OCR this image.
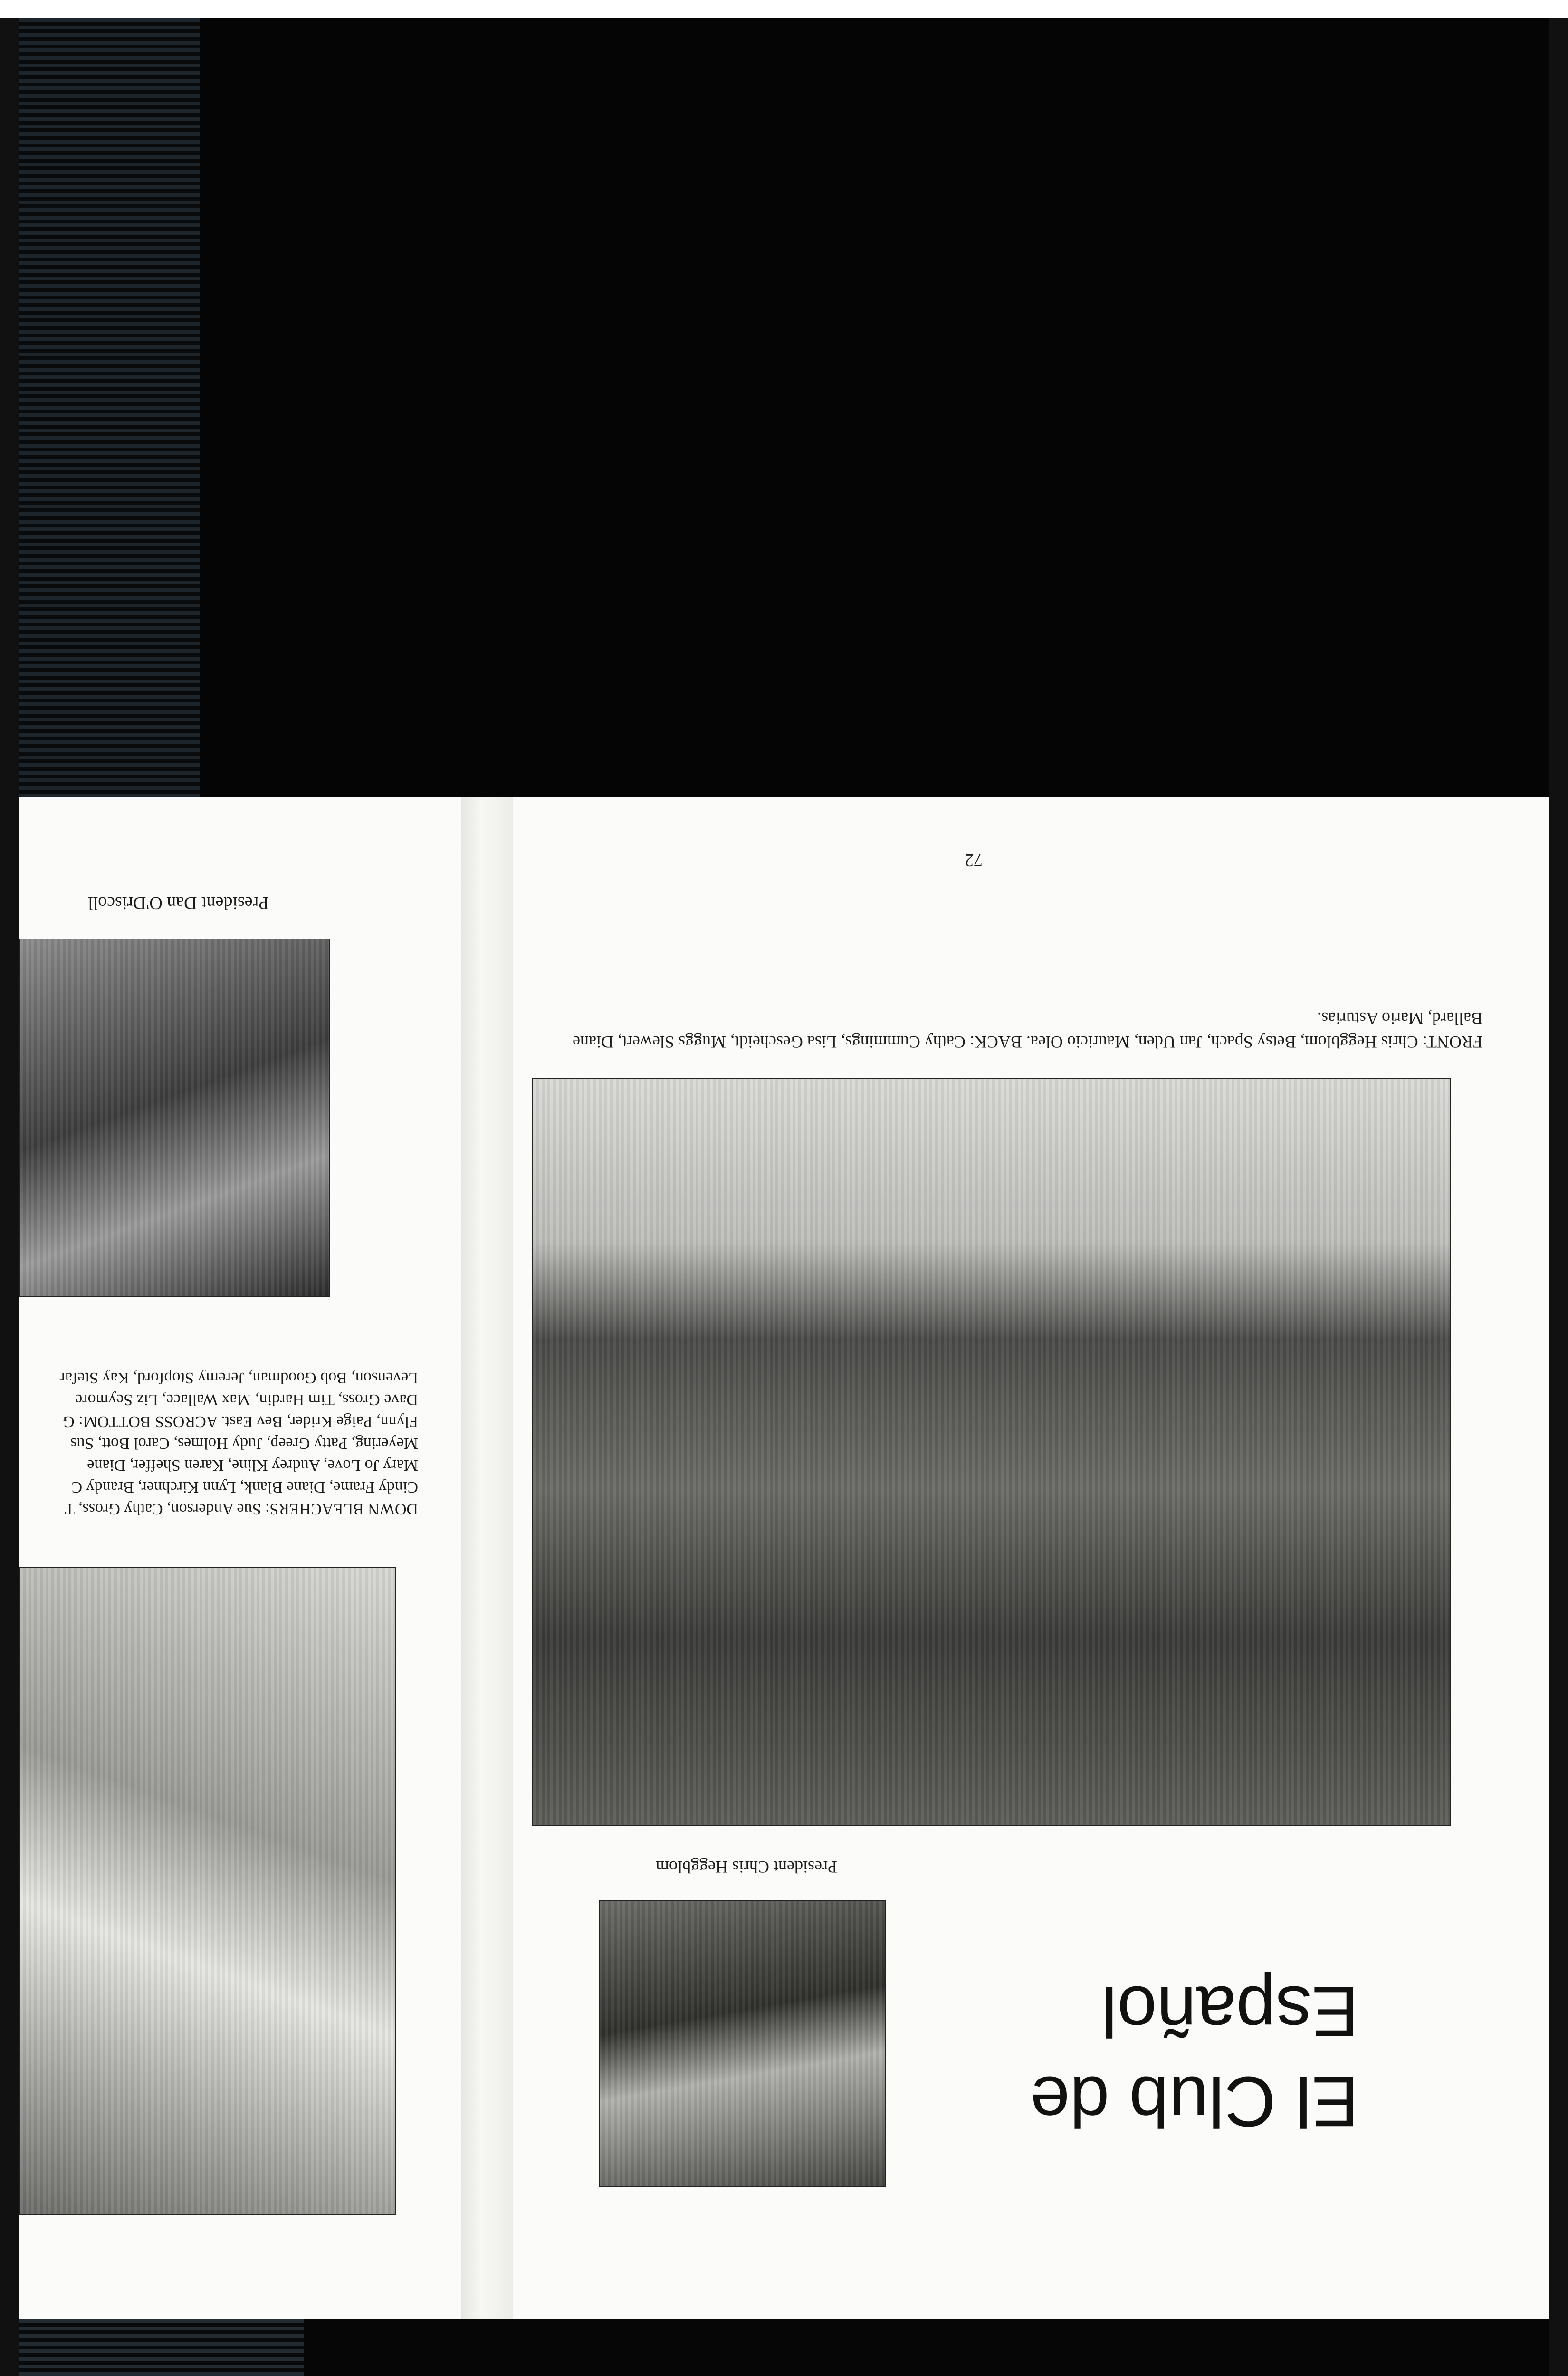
President Dan O'Driscoll
DOWN BLEACHERS: Sue Anderson, Cathy Gross, T
Cindy Frame, Diane Blank, Lynn Kirchner, Brandy C
Mary Jo Love, Audrey Kline, Karen Sheffer, Diane
Meyering, Patty Greep, Judy Holmes, Carol Bott, Sus
Flynn, Paige Krider, Bev East. ACROSS BOTTOM: G
Dave Gross, Tim Hardin, Max Wallace, Liz Seymore
Levenson, Bob Goodman, Jeremy Stopford, Kay Stefar
72
FRONT: Chris Heggblom, Betsy Spach, Jan Uden, Mauricio Olea. BACK: Cathy Cummings, Lisa Gescheidt, Muggs Slewert, Diane
Ballard, Mario Asturias.
President Chris Heggblom
El Club de
Español
